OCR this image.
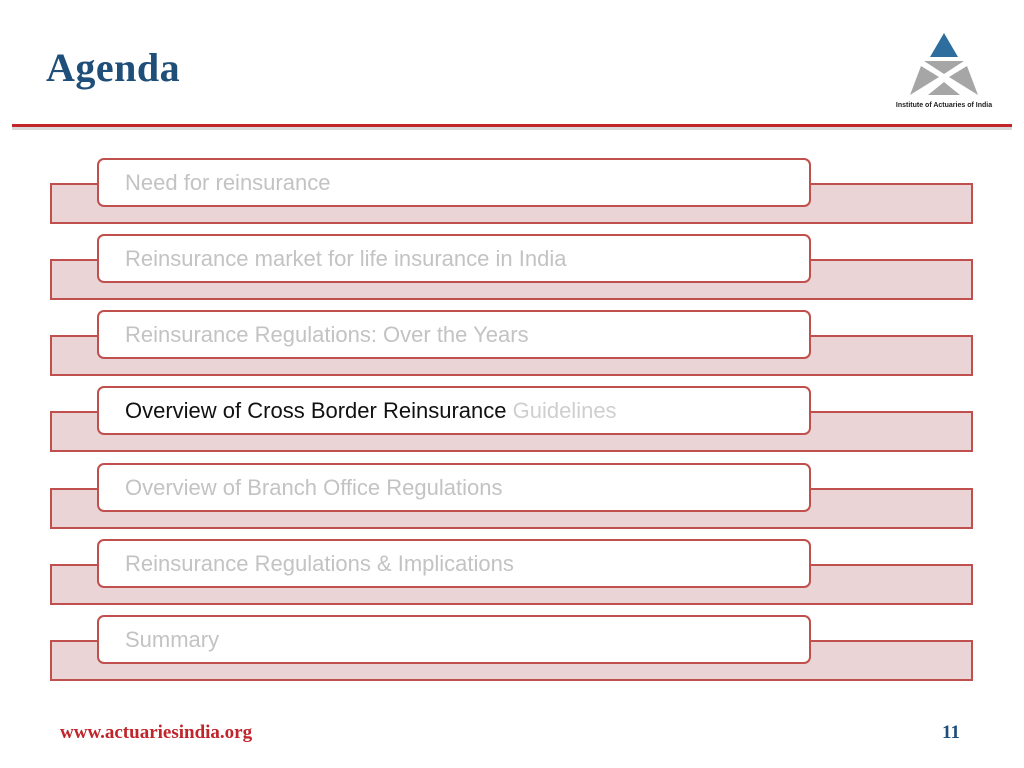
Agenda
Institute of Actuaries of India
Need for reinsurance
Reinsurance market for life insurance in India
Reinsurance Regulations: Over the Years
Overview of Cross Border Reinsurance Guidelines
Overview of Branch Office Regulations
Reinsurance Regulations & Implications
Summary
www.actuariesindia.org	11
